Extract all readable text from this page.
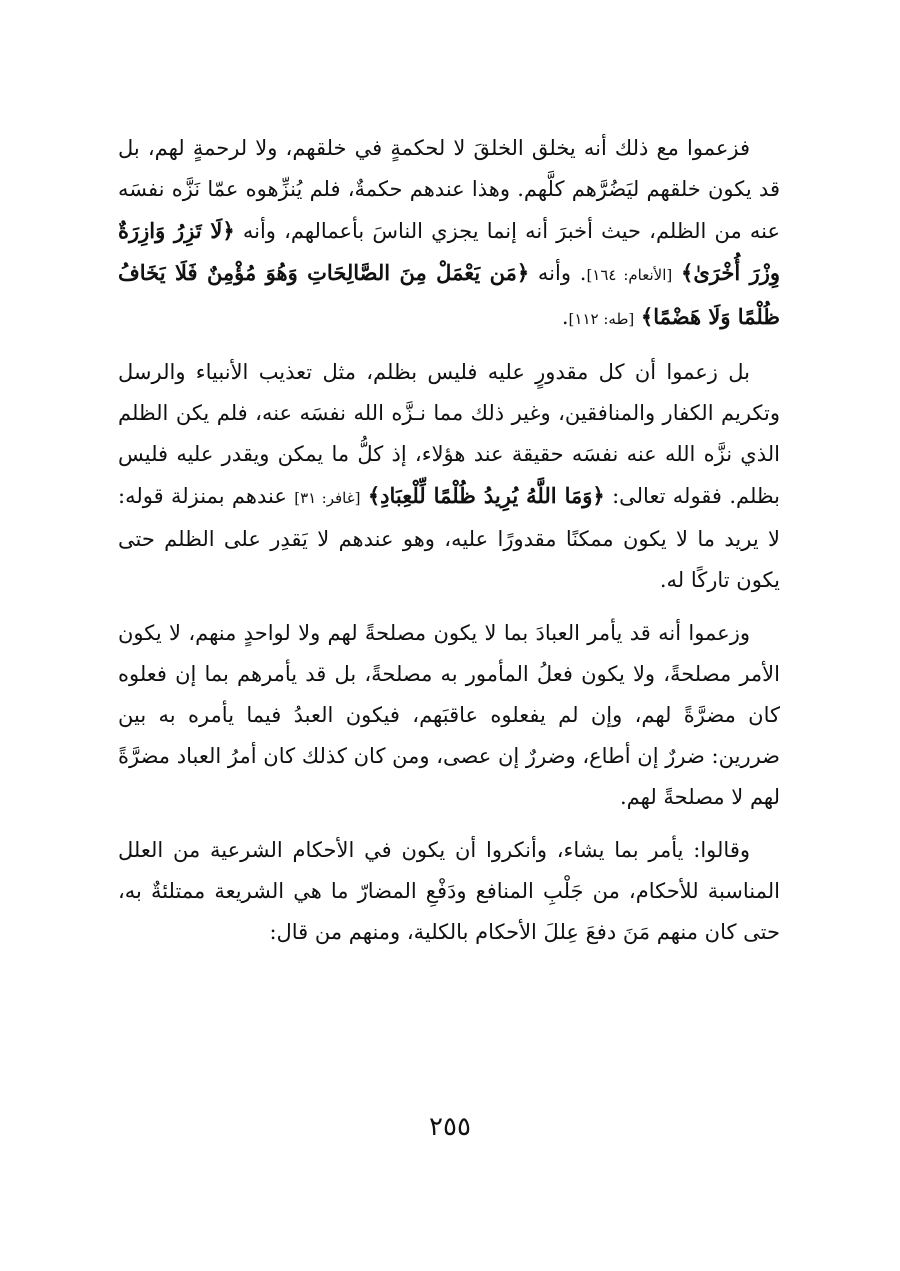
فزعموا مع ذلك أنه يخلق الخلقَ لا لحكمةٍ في خلقهم، ولا لرحمةٍ لهم، بل قد يكون خلقهم ليَضُرَّهم كلَّهم. وهذا عندهم حكمةٌ، فلم يُنزِّهوه عمّا نَزَّه نفسَه عنه من الظلم، حيث أخبرَ أنه إنما يجزي الناسَ بأعمالهم، وأنه ﴿لَا تَزِرُ وَازِرَةٌ وِزْرَ أُخْرَىٰ﴾ [الأنعام: ١٦٤]. وأنه ﴿مَن يَعْمَلْ مِنَ الصَّالِحَاتِ وَهُوَ مُؤْمِنٌ فَلَا يَخَافُ ظُلْمًا وَلَا هَضْمًا﴾ [طه: ١١٢].

بل زعموا أن كل مقدورٍ عليه فليس بظلم، مثل تعذيب الأنبياء والرسل وتكريم الكفار والمنافقين، وغير ذلك مما نـزَّه الله نفسَه عنه، فلم يكن الظلم الذي نزَّه الله عنه نفسَه حقيقة عند هؤلاء، إذ كلُّ ما يمكن ويقدر عليه فليس بظلم. فقوله تعالى: ﴿وَمَا اللَّهُ يُرِيدُ ظُلْمًا لِّلْعِبَادِ﴾ [غافر: ٣١] عندهم بمنزلة قوله: لا يريد ما لا يكون ممكنًا مقدورًا عليه، وهو عندهم لا يَقدِر على الظلم حتى يكون تاركًا له.

وزعموا أنه قد يأمر العبادَ بما لا يكون مصلحةً لهم ولا لواحدٍ منهم، لا يكون الأمر مصلحةً، ولا يكون فعلُ المأمور به مصلحةً، بل قد يأمرهم بما إن فعلوه كان مضرَّةً لهم، وإن لم يفعلوه عاقبَهم، فيكون العبدُ فيما يأمره به بين ضررين: ضررٌ إن أطاع، وضررٌ إن عصى، ومن كان كذلك كان أمرُ العباد مضرَّةً لهم لا مصلحةً لهم.

وقالوا: يأمر بما يشاء، وأنكروا أن يكون في الأحكام الشرعية من العلل المناسبة للأحكام، من جَلْبِ المنافع ودَفْعِ المضارّ ما هي الشريعة ممتلئةٌ به، حتى كان منهم مَنَ دفعَ عِللَ الأحكام بالكلية، ومنهم من قال:

٢٥٥
